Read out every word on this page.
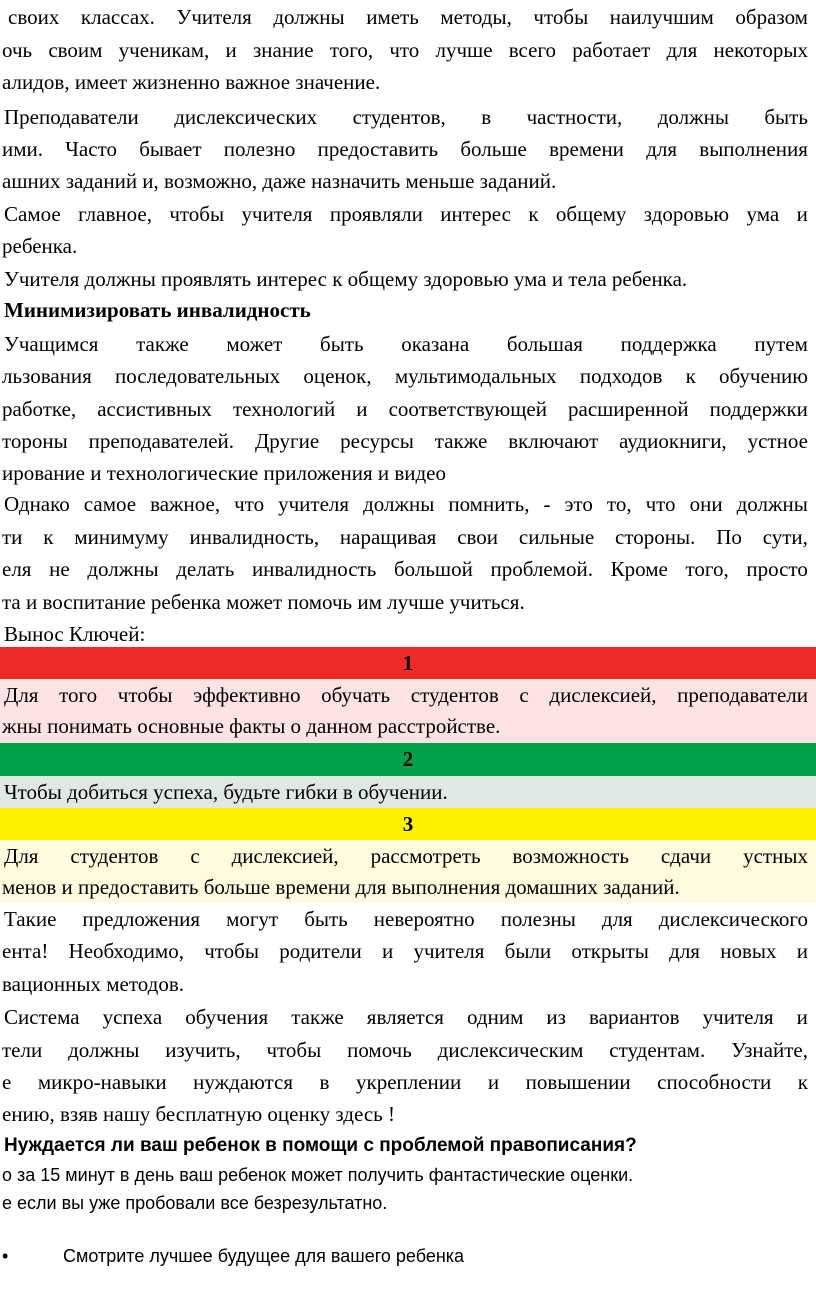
своих классах. Учителя должны иметь методы, чтобы наилучшим образом
очь своим ученикам, и знание того, что лучше всего работает для некоторых
алидов, имеет жизненно важное значение.
Преподаватели дислексических студентов, в частности, должны быть
ими. Часто бывает полезно предоставить больше времени для выполнения
ашних заданий и, возможно, даже назначить меньше заданий.
Самое главное, чтобы учителя проявляли интерес к общему здоровью ума и
ребенка.
Учителя должны проявлять интерес к общему здоровью ума и тела ребенка.
Минимизировать инвалидность
Учащимся также может быть оказана большая поддержка путем
льзования последовательных оценок, мультимодальных подходов к обучению
работке, ассистивных технологий и соответствующей расширенной поддержки
тороны преподавателей. Другие ресурсы также включают аудиокниги, устное
ирование и технологические приложения и видео
Однако самое важное, что учителя должны помнить, - это то, что они должны
ти к минимуму инвалидность, наращивая свои сильные стороны. По сути,
еля не должны делать инвалидность большой проблемой. Кроме того, просто
та и воспитание ребенка может помочь им лучше учиться.
Вынос Ключей:
1
Для того чтобы эффективно обучать студентов с дислексией, преподаватели
жны понимать основные факты о данном расстройстве.
2
Чтобы добиться успеха, будьте гибки в обучении.
3
Для студентов с дислексией, рассмотреть возможность сдачи устных
менов и предоставить больше времени для выполнения домашних заданий.
Такие предложения могут быть невероятно полезны для дислексического
ента! Необходимо, чтобы родители и учителя были открыты для новых и
вационных методов.
Система успеха обучения также является одним из вариантов учителя и
тели должны изучить, чтобы помочь дислексическим студентам. Узнайте,
е микро-навыки нуждаются в укреплении и повышении способности к
ению, взяв нашу бесплатную оценку здесь !
Нуждается ли ваш ребенок в помощи с проблемой правописания?
о за 15 минут в день ваш ребенок может получить фантастические оценки.
е если вы уже пробовали все безрезультатно.
•	Смотрите лучшее будущее для вашего ребенка
